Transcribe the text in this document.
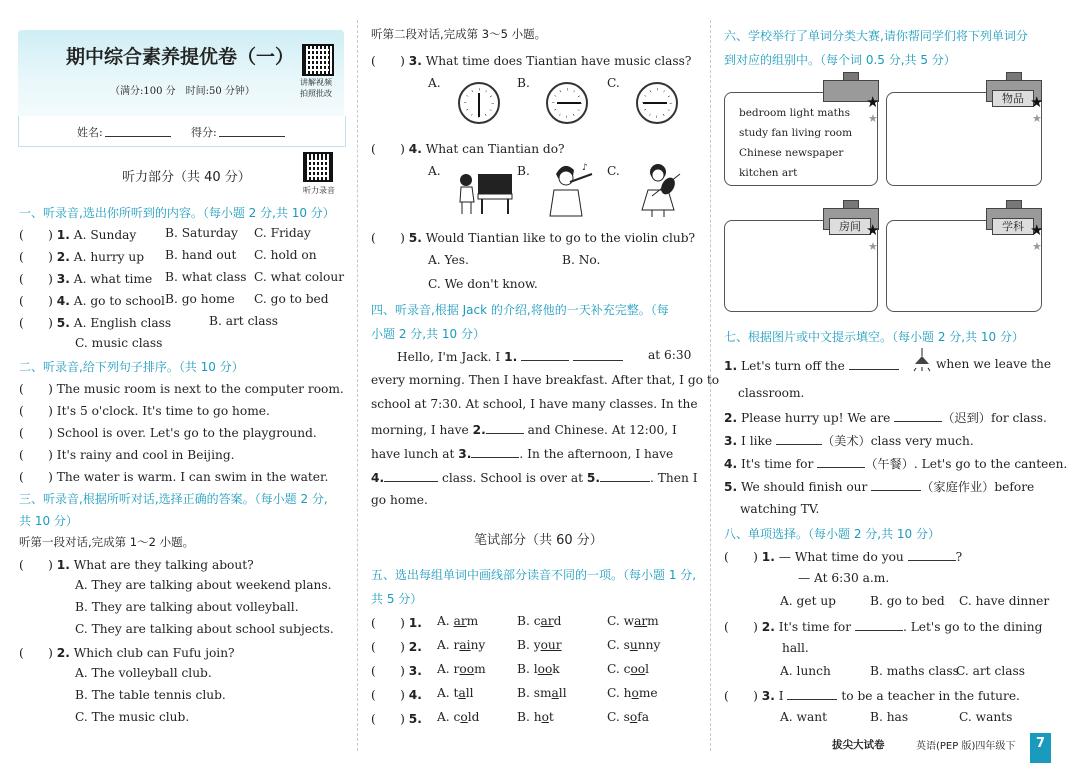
期中综合素养提优卷（一）
（满分:100 分　时间:50 分钟）
讲解视频
拍照批改
姓名:	得分:
听力部分（共 40 分）
听力录音
一、听录音,选出你所听到的内容。（每小题 2 分,共 10 分）
(　　) 1. A. Sunday B. Saturday C. Friday
(　　) 2. A. hurry up B. hand out C. hold on
(　　) 3. A. what time B. what class C. what colour
(　　) 4. A. go to school B. go home C. go to bed
(　　) 5. A. English class	B. art class
C. music class
二、听录音,给下列句子排序。（共 10 分）
(　　) The music room is next to the computer room.
(　　) It's 5 o'clock. It's time to go home.
(　　) School is over. Let's go to the playground.
(　　) It's rainy and cool in Beijing.
(　　) The water is warm. I can swim in the water.
三、听录音,根据所听对话,选择正确的答案。（每小题 2 分,
共 10 分）
听第一段对话,完成第 1～2 小题。
(　　) 1. What are they talking about?
A. They are talking about weekend plans.
B. They are talking about volleyball.
C. They are talking about school subjects.
(　　) 2. Which club can Fufu join?
A. The volleyball club.
B. The table tennis club.
C. The music club.
听第二段对话,完成第 3～5 小题。
(　　) 3. What time does Tiantian have music class?
A.	B.	C.
(　　) 4. What can Tiantian do?
A.	B.	C.
♪
(　　) 5. Would Tiantian like to go to the violin club?
A. Yes.	B. No.
C. We don't know.
四、听录音,根据 Jack 的介绍,将他的一天补充完整。（每
小题 2 分,共 10 分）
Hello, I'm Jack. I 1.	at 6:30
every morning. Then I have breakfast. After that, I go to
school at 7:30. At school, I have many classes. In the
morning, I have 2.	and Chinese. At 12:00, I
have lunch at 3.	. In the afternoon, I have
4.	class. School is over at 5.	. Then I
go home.
笔试部分（共 60 分）
五、选出每组单词中画线部分读音不同的一项。（每小题 1 分,
共 5 分）
(　　) 1. A. arm	B. card	C. warm
(　　) 2. A. rainy	B. your	C. sunny
(　　) 3. A. room	B. look	C. cool
(　　) 4. A. tall	B. small	C. home
(　　) 5. A. cold	B. hot	C. sofa
六、学校举行了单词分类大赛,请你帮同学们将下列单词分
到对应的组别中。（每个词 0.5 分,共 5 分）
bedroom light maths
study fan living room
Chinese newspaper
kitchen art
★
★
物品 ★
★
房间 ★
★
学科 ★
★
七、根据图片或中文提示填空。（每小题 2 分,共 10 分）
1. Let's turn off the	when we leave the
classroom.
2. Please hurry up! We are	（迟到）for class.
3. I like	（美术）class very much.
4. It's time for	（午餐）. Let's go to the canteen.
5. We should finish our	（家庭作业）before
watching TV.
八、单项选择。（每小题 2 分,共 10 分）
(　　) 1. — What time do you	?
— At 6:30 a.m.
A. get up	B. go to bed C. have dinner
(　　) 2. It's time for	. Let's go to the dining
hall.
A. lunch	B. maths class
C. art class
(　　) 3. I	to be a teacher in the future.
A. want	B. has	C. wants
拔尖大试卷	英语(PEP 版)四年级下	7
